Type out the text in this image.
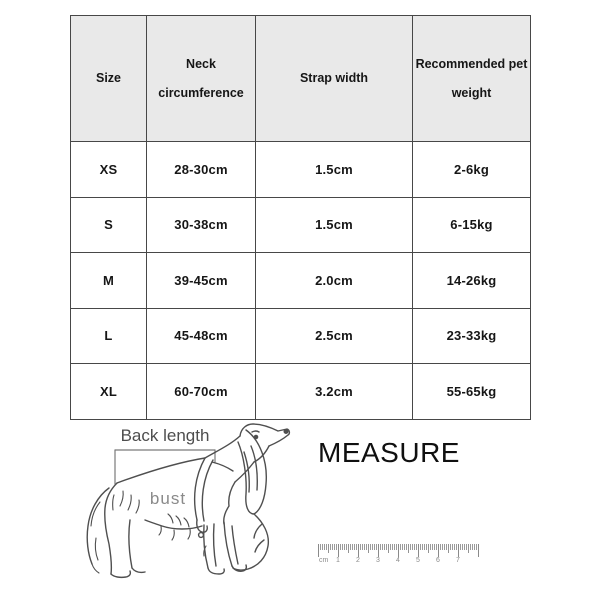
Size	Neck circumference	Strap width	Recommended pet weight
XS	28-30cm	1.5cm	2-6kg
S	30-38cm	1.5cm	6-15kg
M	39-45cm	2.0cm	14-26kg
L	45-48cm	2.5cm	23-33kg
XL	60-70cm	3.2cm	55-65kg
Back length
bust
MEASURE
cm	1	2	3	4	5	6	7
